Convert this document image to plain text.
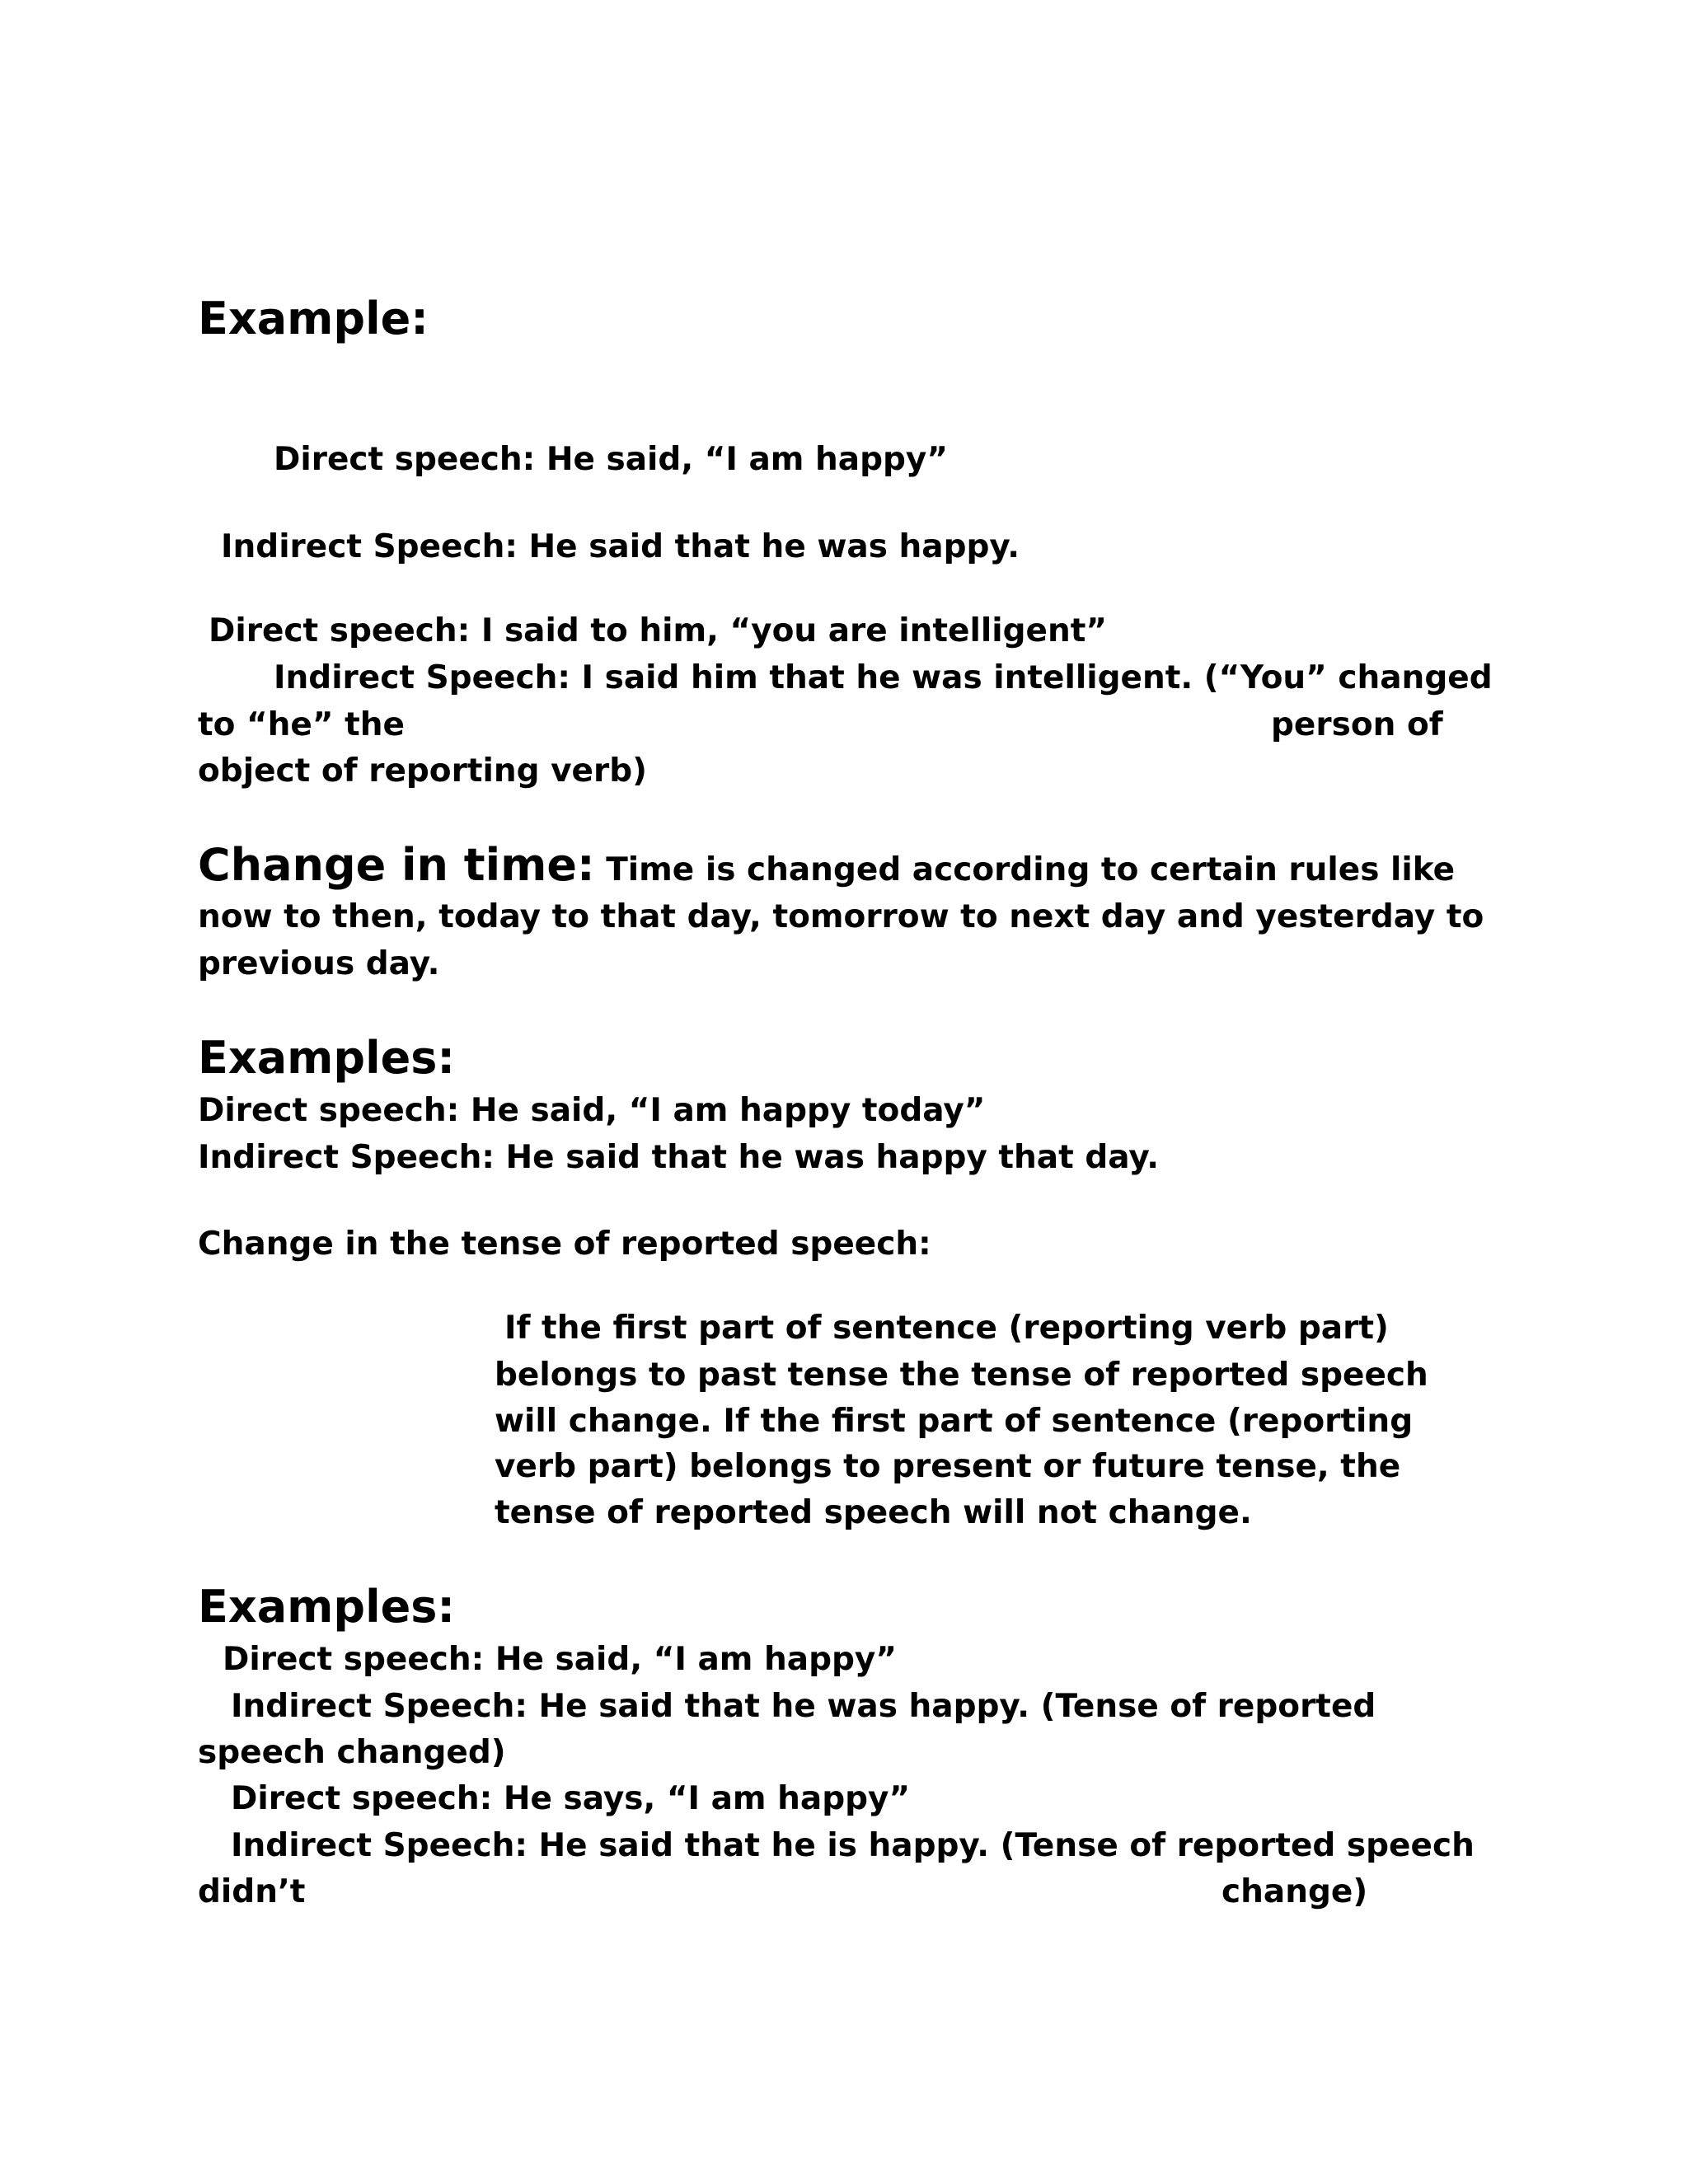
Example:
Direct speech: He said, “I am happy”
Indirect Speech: He said that he was happy.
Direct speech: I said to him, “you are intelligent”
Indirect Speech: I said him that he was intelligent. (“You” changed
to “he” the	person of
object of reporting verb)
Change in time: Time is changed according to certain rules like
now to then, today to that day, tomorrow to next day and yesterday to
previous day.
Examples:
Direct speech: He said, “I am happy today”
Indirect Speech: He said that he was happy that day.
Change in the tense of reported speech:
If the first part of sentence (reporting verb part)
belongs to past tense the tense of reported speech
will change. If the first part of sentence (reporting
verb part) belongs to present or future tense, the
tense of reported speech will not change.
Examples:
Direct speech: He said, “I am happy”
Indirect Speech: He said that he was happy. (Tense of reported
speech changed)
Direct speech: He says, “I am happy”
Indirect Speech: He said that he is happy. (Tense of reported speech
didn’t	change)
